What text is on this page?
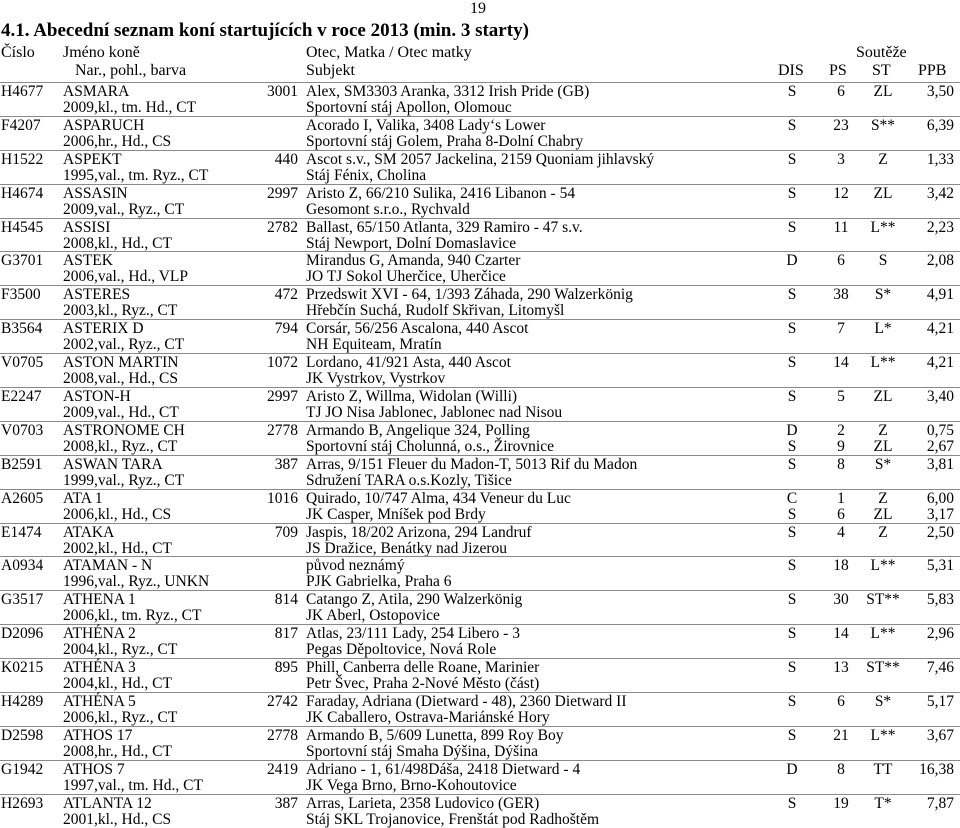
19
4.1. Abecední seznam koní startujících v roce 2013 (min. 3 starty)
Číslo Jméno koně
Nar., pohl., barva
Otec, Matka / Otec matky
Subjekt
Soutěže
DIS PS ST PPB
H4677 ASMARA
2009,kl., tm. Hd., CT
3001 Alex, SM3303 Aranka, 3312 Irish Pride (GB)
Sportovní stáj Apollon, Olomouc
S	6	ZL	3,50
F4207 ASPARUCH
2006,hr., Hd., CS
Acorado I, Valika, 3408 Lady‘s Lower
Sportovní stáj Golem, Praha 8-Dolní Chabry
S	23	S**	6,39
H1522 ASPEKT
1995,val., tm. Ryz., CT
440 Ascot s.v., SM 2057 Jackelina, 2159 Quoniam jihlavský
Stáj Fénix, Cholina
S	3	Z	1,33
H4674 ASSASIN
2009,val., Ryz., CT
2997 Aristo Z, 66/210 Sulika, 2416 Libanon - 54
Gesomont s.r.o., Rychvald
S	12	ZL	3,42
H4545 ASSISI
2008,kl., Hd., CT
2782 Ballast, 65/150 Atlanta, 329 Ramiro - 47 s.v.
Stáj Newport, Dolní Domaslavice
S	11	L**	2,23
G3701 ASTEK
2006,val., Hd., VLP
Mirandus G, Amanda, 940 Czarter
JO TJ Sokol Uherčice, Uherčice
D	6	S	2,08
F3500 ASTERES
2003,kl., Ryz., CT
472 Przedswit XVI - 64, 1/393 Záhada, 290 Walzerkönig
Hřebčín Suchá, Rudolf Skřivan, Litomyšl
S	38	S*	4,91
B3564 ASTERIX D
2002,val., Ryz., CT
794 Corsár, 56/256 Ascalona, 440 Ascot
NH Equiteam, Mratín
S	7	L*	4,21
V0705 ASTON MARTIN
2008,val., Hd., CS
1072 Lordano, 41/921 Asta, 440 Ascot
JK Vystrkov, Vystrkov
S	14	L**	4,21
E2247 ASTON-H
2009,val., Hd., CT
2997 Aristo Z, Willma, Widolan (Willi)
TJ JO Nisa Jablonec, Jablonec nad Nisou
S	5	ZL	3,40
V0703 ASTRONOME CH
2008,kl., Ryz., CT
2778 Armando B, Angelique 324, Polling
Sportovní stáj Cholunná, o.s., Žirovnice
D	2	Z	0,75
S	9	ZL	2,67
B2591 ASWAN TARA
1999,val., Ryz., CT
387 Arras, 9/151 Fleuer du Madon-T, 5013 Rif du Madon
Sdružení TARA o.s.Kozly, Tišice
S	8	S*	3,81
A2605 ATA 1
2006,kl., Hd., CS
1016 Quirado, 10/747 Alma, 434 Veneur du Luc
JK Casper, Mníšek pod Brdy
C	1	Z	6,00
S	6	ZL	3,17
E1474 ATAKA
2002,kl., Hd., CT
709 Jaspis, 18/202 Arizona, 294 Landruf
JS Dražice, Benátky nad Jizerou
S	4	Z	2,50
A0934 ATAMAN - N
1996,val., Ryz., UNKN
původ neznámý
PJK Gabrielka, Praha 6
S	18	L**	5,31
G3517 ATHENA 1
2006,kl., tm. Ryz., CT
814 Catango Z, Atila, 290 Walzerkönig
JK Aberl, Ostopovice
S	30	ST**	5,83
D2096 ATHÉNA 2
2004,kl., Ryz., CT
817 Atlas, 23/111 Lady, 254 Libero - 3
Pegas Děpoltovice, Nová Role
S	14	L**	2,96
K0215 ATHÉNA 3
2004,kl., Hd., CT
895 Phill, Canberra delle Roane, Marinier
Petr Švec, Praha 2-Nové Město (část)
S	13	ST**	7,46
H4289 ATHÉNA 5
2006,kl., Ryz., CT
2742 Faraday, Adriana (Dietward - 48), 2360 Dietward II
JK Caballero, Ostrava-Mariánské Hory
S	6	S*	5,17
D2598 ATHOS 17
2008,hr., Hd., CT
2778 Armando B, 5/609 Lunetta, 899 Roy Boy
Sportovní stáj Smaha Dýšina, Dýšina
S	21	L**	3,67
G1942 ATHOS 7
1997,val., tm. Hd., CT
2419 Adriano - 1, 61/498Dáša, 2418 Dietward - 4
JK Vega Brno, Brno-Kohoutovice
D	8	TT	16,38
H2693 ATLANTA 12
2001,kl., Hd., CS
387 Arras, Larieta, 2358 Ludovico (GER)
Stáj SKL Trojanovice, Frenštát pod Radhoštěm
S	19	T*	7,87
